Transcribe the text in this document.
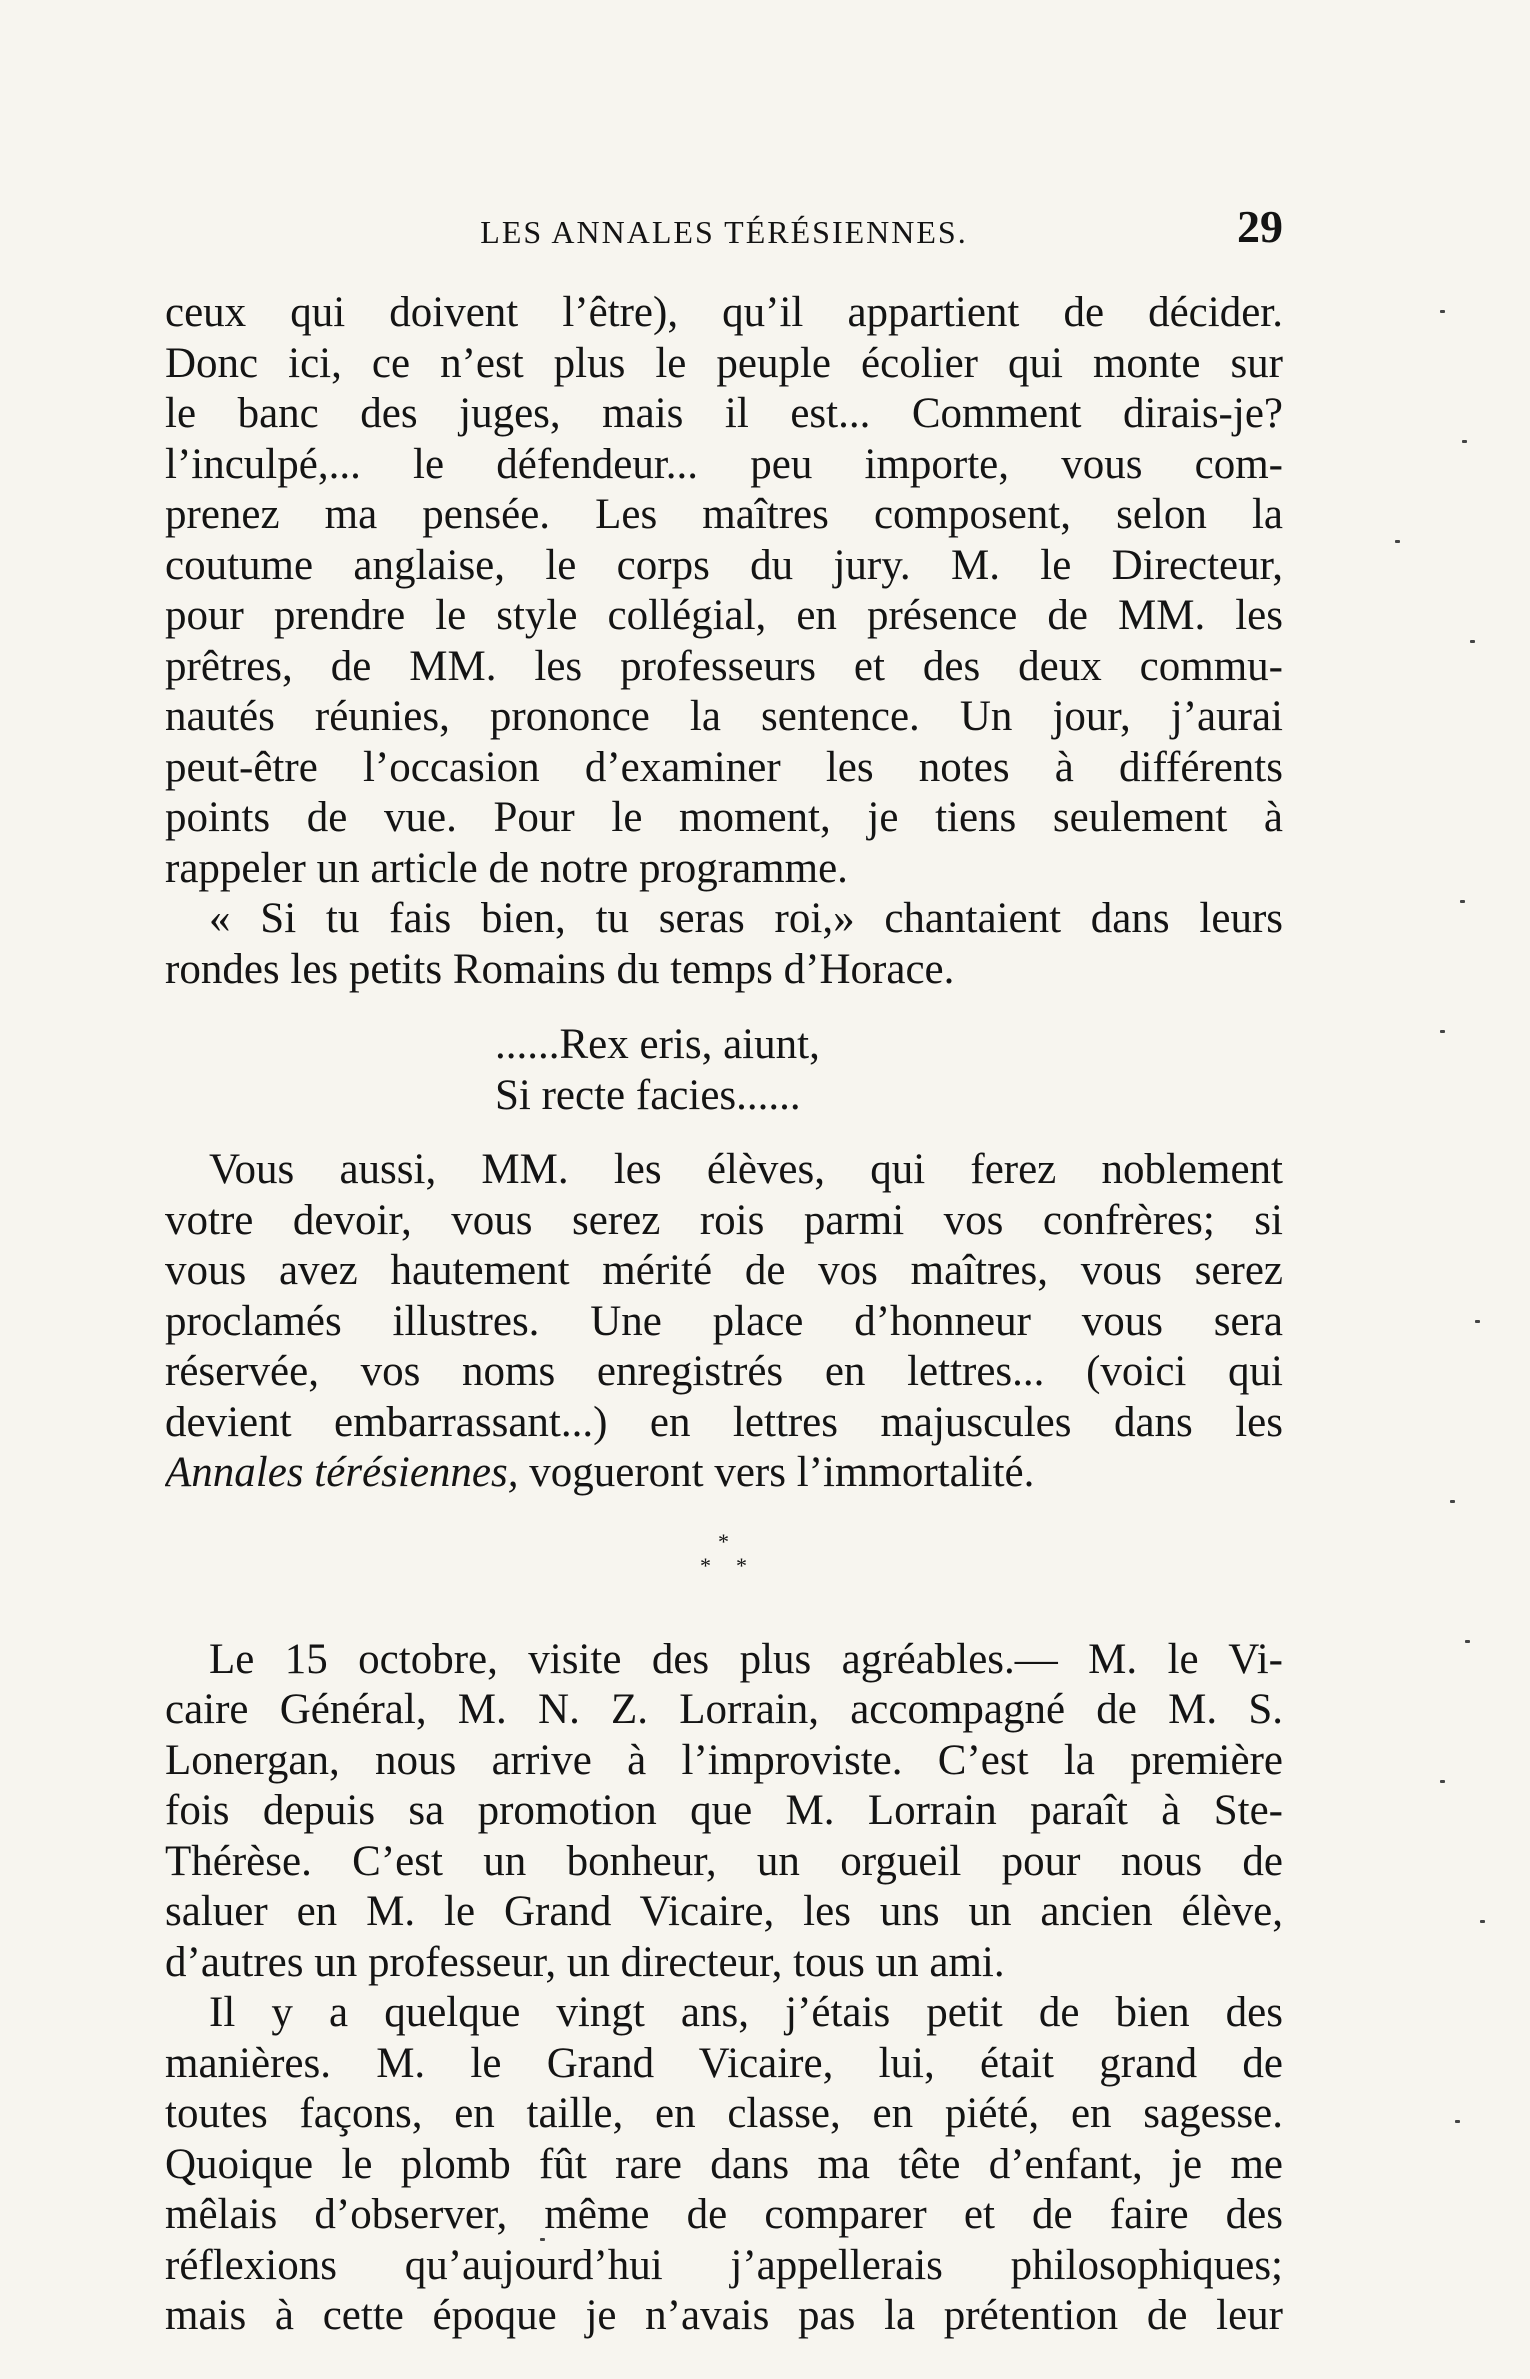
LES ANNALES TÉRÉSIENNES.	29
ceux qui doivent l’être), qu’il appartient de décider.
Donc ici, ce n’est plus le peuple écolier qui monte sur
le banc des juges, mais il est... Comment dirais-je?
l’inculpé,... le défendeur... peu importe, vous com-
prenez ma pensée. Les maîtres composent, selon la
coutume anglaise, le corps du jury. M. le Directeur,
pour prendre le style collégial, en présence de MM. les
prêtres, de MM. les professeurs et des deux commu-
nautés réunies, prononce la sentence. Un jour, j’aurai
peut-être l’occasion d’examiner les notes à différents
points de vue. Pour le moment, je tiens seulement à
rappeler un article de notre programme.
« Si tu fais bien, tu seras roi,» chantaient dans leurs
rondes les petits Romains du temps d’Horace.
......Rex eris, aiunt,
Si recte facies......
Vous aussi, MM. les élèves, qui ferez noblement
votre devoir, vous serez rois parmi vos confrères; si
vous avez hautement mérité de vos maîtres, vous serez
proclamés illustres. Une place d’honneur vous sera
réservée, vos noms enregistrés en lettres... (voici qui
devient embarrassant...) en lettres majuscules dans les
Annales térésiennes, vogueront vers l’immortalité.
*
* *
Le 15 octobre, visite des plus agréables.— M. le Vi-
caire Général, M. N. Z. Lorrain, accompagné de M. S.
Lonergan, nous arrive à l’improviste. C’est la première
fois depuis sa promotion que M. Lorrain paraît à Ste-
Thérèse. C’est un bonheur, un orgueil pour nous de
saluer en M. le Grand Vicaire, les uns un ancien élève,
d’autres un professeur, un directeur, tous un ami.
Il y a quelque vingt ans, j’étais petit de bien des
manières. M. le Grand Vicaire, lui, était grand de
toutes façons, en taille, en classe, en piété, en sagesse.
Quoique le plomb fût rare dans ma tête d’enfant, je me
mêlais d’observer, même de comparer et de faire des
réflexions qu’aujourd’hui j’appellerais philosophiques;
mais à cette époque je n’avais pas la prétention de leur
